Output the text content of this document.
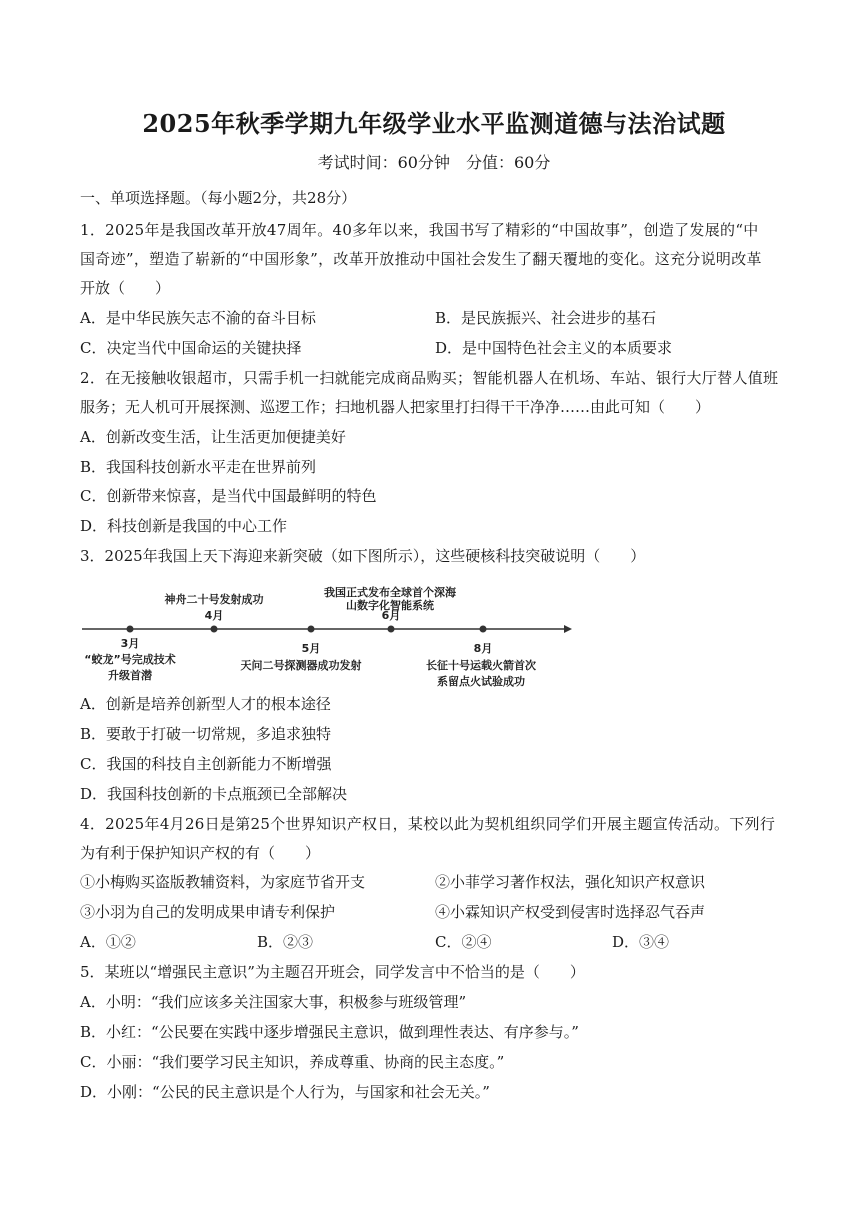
2025年秋季学期九年级学业水平监测道德与法治试题
考试时间：60分钟　分值：60分
一、单项选择题。（每小题2分，共28分）
1．2025年是我国改革开放47周年。40多年以来，我国书写了精彩的“中国故事”，创造了发展的“中
国奇迹”，塑造了崭新的“中国形象”，改革开放推动中国社会发生了翻天覆地的变化。这充分说明改革
开放（　　）
A．是中华民族矢志不渝的奋斗目标	B．是民族振兴、社会进步的基石
C．决定当代中国命运的关键抉择	D．是中国特色社会主义的本质要求
2．在无接触收银超市，只需手机一扫就能完成商品购买；智能机器人在机场、车站、银行大厅替人值班
服务；无人机可开展探测、巡逻工作；扫地机器人把家里打扫得干干净净……由此可知（　　）
A．创新改变生活，让生活更加便捷美好
B．我国科技创新水平走在世界前列
C．创新带来惊喜，是当代中国最鲜明的特色
D．科技创新是我国的中心工作
3．2025年我国上天下海迎来新突破（如下图所示），这些硬核科技突破说明（　　）
神舟二十号发射成功
我国正式发布全球首个深海
山数字化智能系统
3月
4月
5月
6月
8月
“蛟龙”号完成技术
升级首潜
天问二号探测器成功发射	长征十号运载火箭首次
系留点火试验成功
A．创新是培养创新型人才的根本途径
B．要敢于打破一切常规，多追求独特
C．我国的科技自主创新能力不断增强
D．我国科技创新的卡点瓶颈已全部解决
4．2025年4月26日是第25个世界知识产权日，某校以此为契机组织同学们开展主题宣传活动。下列行
为有利于保护知识产权的有（　　）
①小梅购买盗版教辅资料，为家庭节省开支	②小菲学习著作权法，强化知识产权意识
③小羽为自己的发明成果申请专利保护	④小霖知识产权受到侵害时选择忍气吞声
A．①②	B．②③	C．②④	D．③④
5．某班以“增强民主意识”为主题召开班会，同学发言中不恰当的是（　　）
A．小明：“我们应该多关注国家大事，积极参与班级管理”
B．小红：“公民要在实践中逐步增强民主意识，做到理性表达、有序参与。”
C．小丽：“我们要学习民主知识，养成尊重、协商的民主态度。”
D．小刚：“公民的民主意识是个人行为，与国家和社会无关。”
